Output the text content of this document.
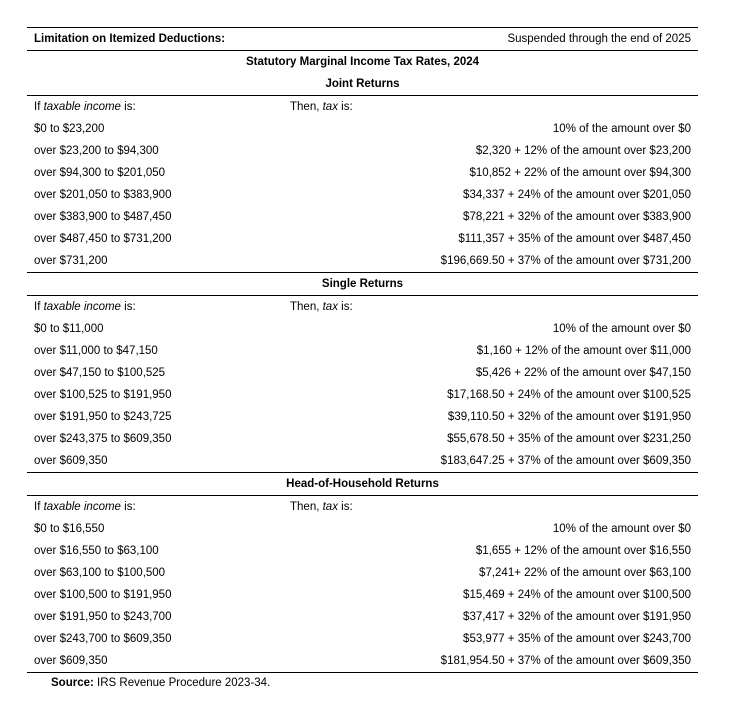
Limitation on Itemized Deductions:	Suspended through the end of 2025
Statutory Marginal Income Tax Rates, 2024
Joint Returns
If taxable income is:	Then, tax is:
$0 to $23,200	10% of the amount over $0
over $23,200 to $94,300	$2,320 + 12% of the amount over $23,200
over $94,300 to $201,050	$10,852 + 22% of the amount over $94,300
over $201,050 to $383,900	$34,337 + 24% of the amount over $201,050
over $383,900 to $487,450	$78,221 + 32% of the amount over $383,900
over $487,450 to $731,200	$111,357 + 35% of the amount over $487,450
over $731,200	$196,669.50 + 37% of the amount over $731,200
Single Returns
If taxable income is:	Then, tax is:
$0 to $11,000	10% of the amount over $0
over $11,000 to $47,150	$1,160 + 12% of the amount over $11,000
over $47,150 to $100,525	$5,426 + 22% of the amount over $47,150
over $100,525 to $191,950	$17,168.50 + 24% of the amount over $100,525
over $191,950 to $243,725	$39,110.50 + 32% of the amount over $191,950
over $243,375 to $609,350	$55,678.50 + 35% of the amount over $231,250
over $609,350	$183,647.25 + 37% of the amount over $609,350
Head-of-Household Returns
If taxable income is:	Then, tax is:
$0 to $16,550	10% of the amount over $0
over $16,550 to $63,100	$1,655 + 12% of the amount over $16,550
over $63,100 to $100,500	$7,241+ 22% of the amount over $63,100
over $100,500 to $191,950	$15,469 + 24% of the amount over $100,500
over $191,950 to $243,700	$37,417 + 32% of the amount over $191,950
over $243,700 to $609,350	$53,977 + 35% of the amount over $243,700
over $609,350	$181,954.50 + 37% of the amount over $609,350
Source: IRS Revenue Procedure 2023-34.
